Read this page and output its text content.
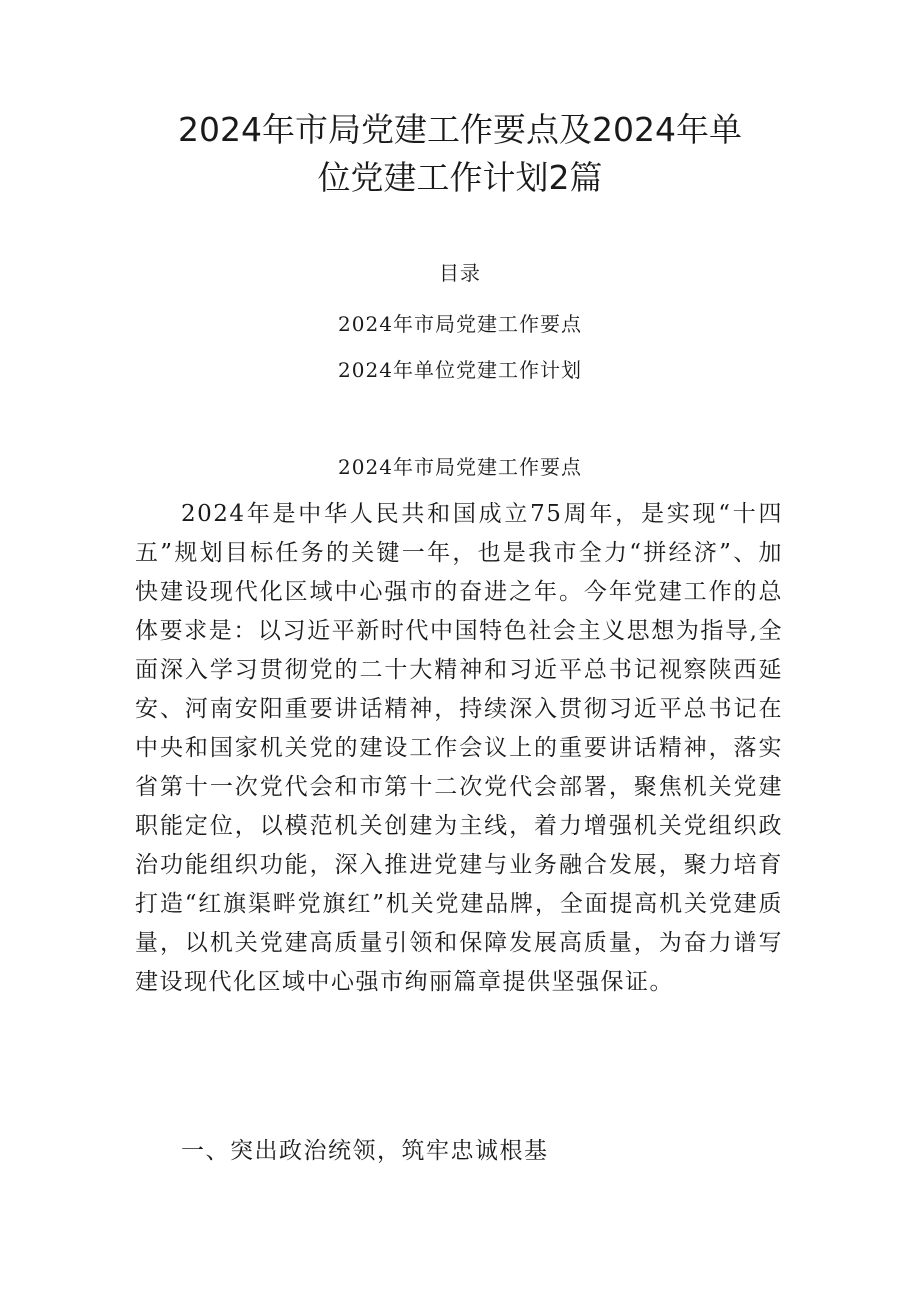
2024年市局党建工作要点及2024年单
位党建工作计划2篇
目录
2024年市局党建工作要点
2024年单位党建工作计划
2024年市局党建工作要点

2024年是中华人民共和国成立75周年，是实现“十四五”规划目标任务的关键一年，也是我市全力“拼经济”、加快建设现代化区域中心强市的奋进之年。今年党建工作的总体要求是：以习近平新时代中国特色社会主义思想为指导,全面深入学习贯彻党的二十大精神和习近平总书记视察陕西延安、河南安阳重要讲话精神，持续深入贯彻习近平总书记在中央和国家机关党的建设工作会议上的重要讲话精神，落实省第十一次党代会和市第十二次党代会部署，聚焦机关党建职能定位，以模范机关创建为主线，着力增强机关党组织政治功能组织功能，深入推进党建与业务融合发展，聚力培育打造“红旗渠畔党旗红”机关党建品牌，全面提高机关党建质量，以机关党建高质量引领和保障发展高质量，为奋力谱写建设现代化区域中心强市绚丽篇章提供坚强保证。

一、突出政治统领，筑牢忠诚根基
